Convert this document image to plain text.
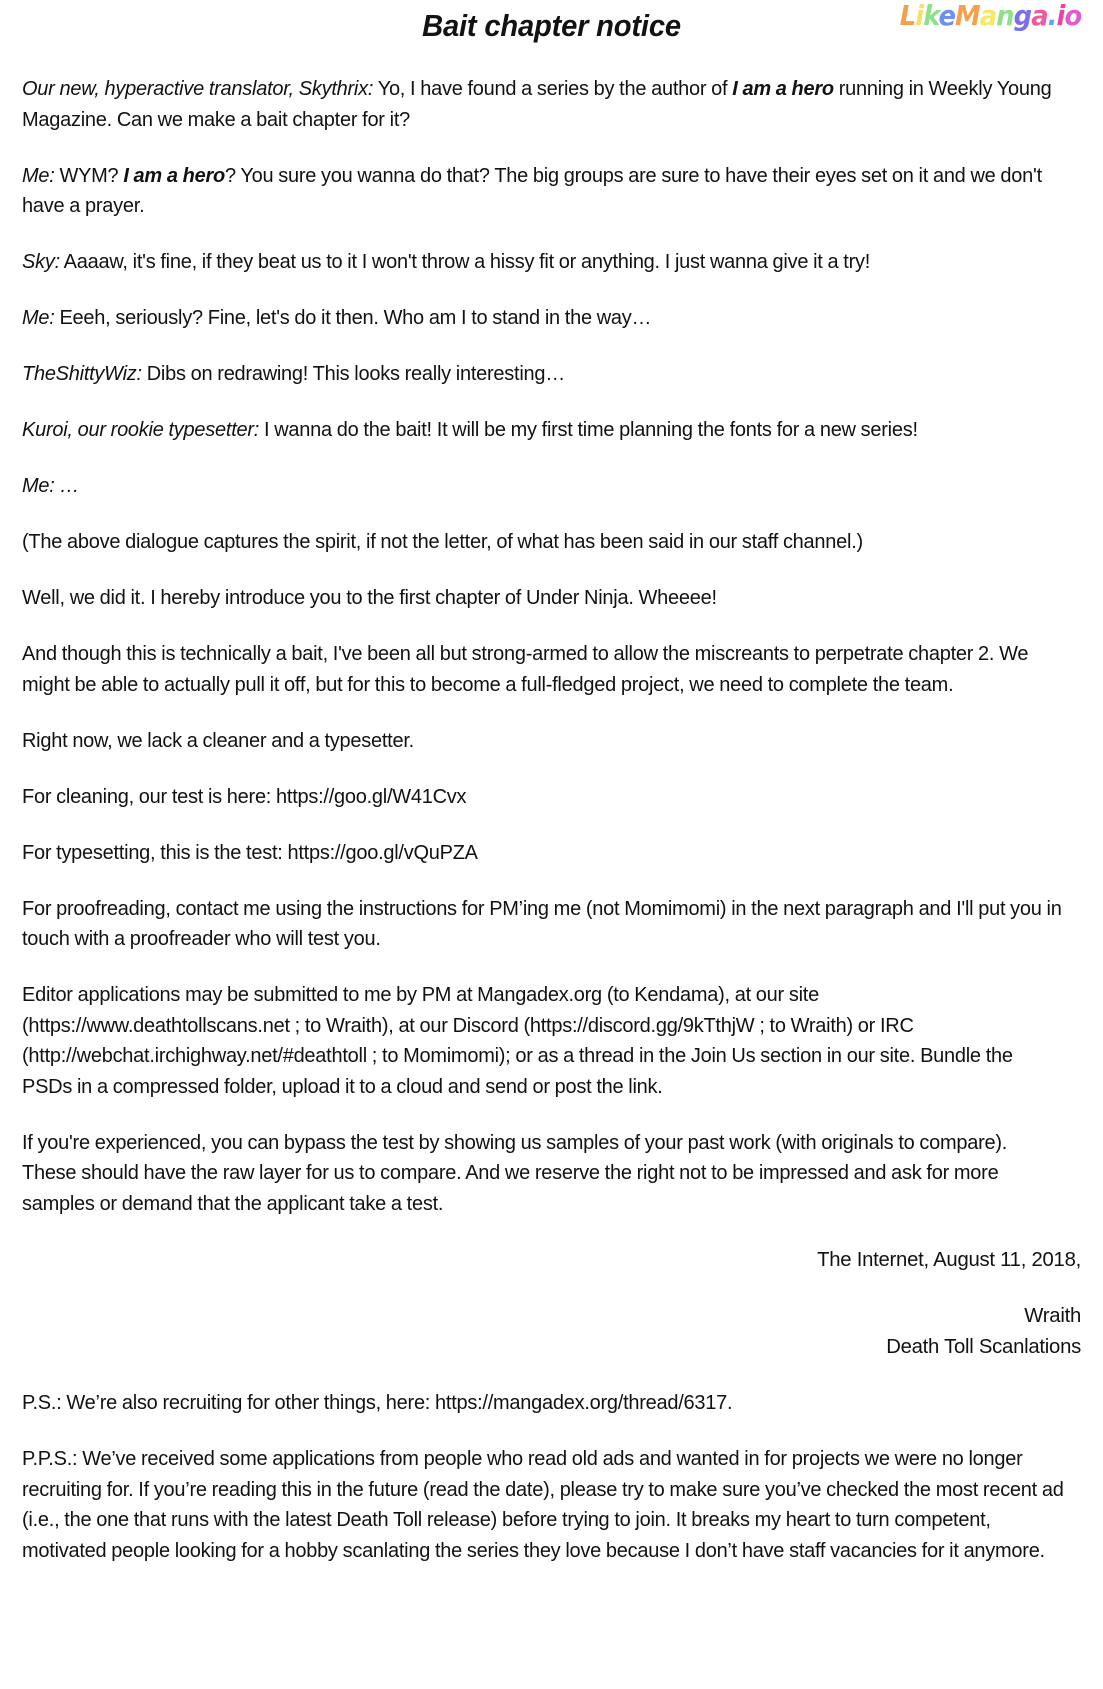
Bait chapter notice	LikeManga.io

Our new, hyperactive translator, Skythrix: Yo, I have found a series by the author of I am a hero running in Weekly Young Magazine. Can we make a bait chapter for it?

Me: WYM? I am a hero? You sure you wanna do that? The big groups are sure to have their eyes set on it and we don't have a prayer.

Sky: Aaaaw, it's fine, if they beat us to it I won't throw a hissy fit or anything. I just wanna give it a try!

Me: Eeeh, seriously? Fine, let's do it then. Who am I to stand in the way…

TheShittyWiz: Dibs on redrawing! This looks really interesting…

Kuroi, our rookie typesetter: I wanna do the bait! It will be my first time planning the fonts for a new series!

Me: …

(The above dialogue captures the spirit, if not the letter, of what has been said in our staff channel.)

Well, we did it. I hereby introduce you to the first chapter of Under Ninja. Wheeee!

And though this is technically a bait, I've been all but strong-armed to allow the miscreants to perpetrate chapter 2. We might be able to actually pull it off, but for this to become a full-fledged project, we need to complete the team.

Right now, we lack a cleaner and a typesetter.

For cleaning, our test is here: https://goo.gl/W41Cvx

For typesetting, this is the test: https://goo.gl/vQuPZA

For proofreading, contact me using the instructions for PM’ing me (not Momimomi) in the next paragraph and I'll put you in touch with a proofreader who will test you.

Editor applications may be submitted to me by PM at Mangadex.org (to Kendama), at our site (https://www.deathtollscans.net ; to Wraith), at our Discord (https://discord.gg/9kTthjW ; to Wraith) or IRC (http://webchat.irchighway.net/#deathtoll ; to Momimomi); or as a thread in the Join Us section in our site. Bundle the PSDs in a compressed folder, upload it to a cloud and send or post the link.

If you're experienced, you can bypass the test by showing us samples of your past work (with originals to compare). These should have the raw layer for us to compare. And we reserve the right not to be impressed and ask for more samples or demand that the applicant take a test.

The Internet, August 11, 2018,
Wraith
Death Toll Scanlations

P.S.: We’re also recruiting for other things, here: https://mangadex.org/thread/6317.

P.P.S.: We’ve received some applications from people who read old ads and wanted in for projects we were no longer recruiting for. If you’re reading this in the future (read the date), please try to make sure you’ve checked the most recent ad (i.e., the one that runs with the latest Death Toll release) before trying to join. It breaks my heart to turn competent, motivated people looking for a hobby scanlating the series they love because I don’t have staff vacancies for it anymore.
